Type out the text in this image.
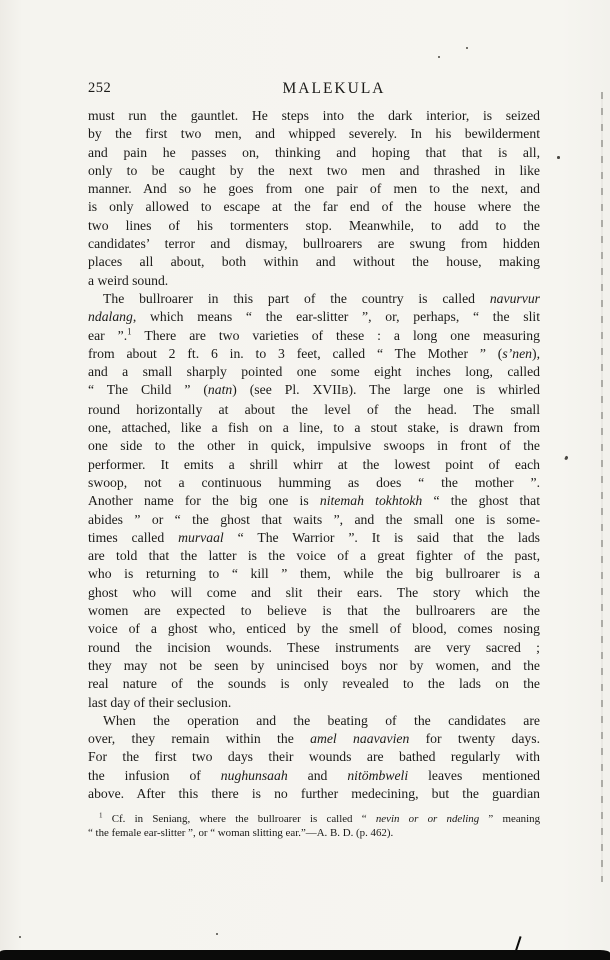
252	MALEKULA
must run the gauntlet. He steps into the dark interior, is seized
by the first two men, and whipped severely. In his bewilderment
and pain he passes on, thinking and hoping that that is all,
only to be caught by the next two men and thrashed in like
manner. And so he goes from one pair of men to the next, and
is only allowed to escape at the far end of the house where the
two lines of his tormenters stop. Meanwhile, to add to the
candidates’ terror and dismay, bullroarers are swung from hidden
places all about, both within and without the house, making
a weird sound.
The bullroarer in this part of the country is called navurvur
ndalang, which means “ the ear-slitter ”, or, perhaps, “ the slit
ear ”.$^1$ There are two varieties of these : a long one measuring
from about 2 ft. 6 in. to 3 feet, called “ The Mother ” (s’nen),
and a small sharply pointed one some eight inches long, called
“ The Child ” (natn) (see Pl. XVIIB). The large one is whirled
round horizontally at about the level of the head. The small
one, attached, like a fish on a line, to a stout stake, is drawn from
one side to the other in quick, impulsive swoops in front of the
performer. It emits a shrill whirr at the lowest point of each
swoop, not a continuous humming as does “ the mother ”.
Another name for the big one is nitemah tokhtokh “ the ghost that
abides ” or “ the ghost that waits ”, and the small one is some-
times called murvaal “ The Warrior ”. It is said that the lads
are told that the latter is the voice of a great fighter of the past,
who is returning to “ kill ” them, while the big bullroarer is a
ghost who will come and slit their ears. The story which the
women are expected to believe is that the bullroarers are the
voice of a ghost who, enticed by the smell of blood, comes nosing
round the incision wounds. These instruments are very sacred ;
they may not be seen by unincised boys nor by women, and the
real nature of the sounds is only revealed to the lads on the
last day of their seclusion.
When the operation and the beating of the candidates are
over, they remain within the amel naavavien for twenty days.
For the first two days their wounds are bathed regularly with
the infusion of nughunsaah and nitömbweli leaves mentioned
above. After this there is no further medecining, but the guardian
$^1$ Cf. in Seniang, where the bullroarer is called “ nevin or or ndeling ” meaning
“ the female ear-slitter ”, or “ woman slitting ear.”—A. B. D. (p. 462).
